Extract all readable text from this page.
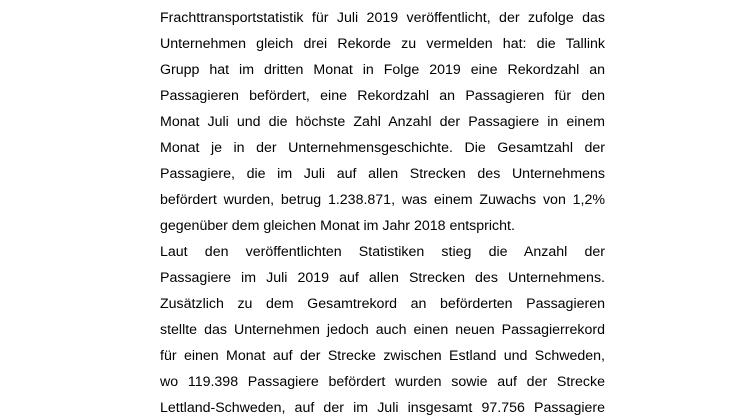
Frachttransportstatistik für Juli 2019 veröffentlicht, der zufolge das
Unternehmen gleich drei Rekorde zu vermelden hat: die Tallink
Grupp hat im dritten Monat in Folge 2019 eine Rekordzahl an
Passagieren befördert, eine Rekordzahl an Passagieren für den
Monat Juli und die höchste Zahl Anzahl der Passagiere in einem
Monat je in der Unternehmensgeschichte. Die Gesamtzahl der
Passagiere, die im Juli auf allen Strecken des Unternehmens
befördert wurden, betrug 1.238.871, was einem Zuwachs von 1,2%
gegenüber dem gleichen Monat im Jahr 2018 entspricht.
Laut den veröffentlichten Statistiken stieg die Anzahl der
Passagiere im Juli 2019 auf allen Strecken des Unternehmens.
Zusätzlich zu dem Gesamtrekord an beförderten Passagieren
stellte das Unternehmen jedoch auch einen neuen Passagierrekord
für einen Monat auf der Strecke zwischen Estland und Schweden,
wo 119.398 Passagiere befördert wurden sowie auf der Strecke
Lettland-Schweden, auf der im Juli insgesamt 97.756 Passagiere
